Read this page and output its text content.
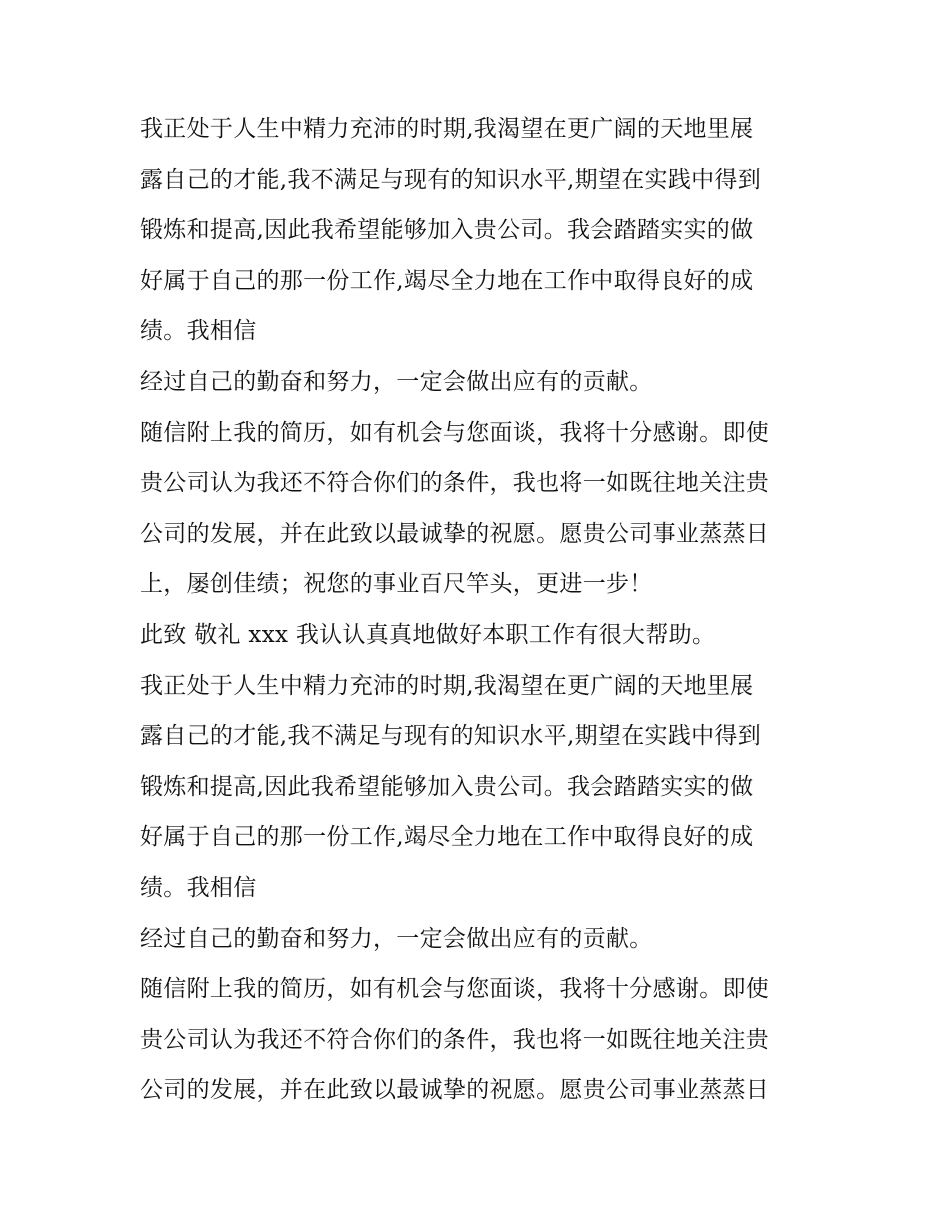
我正处于人生中精力充沛的时期,我渴望在更广阔的天地里展
露自己的才能,我不满足与现有的知识水平,期望在实践中得到
锻炼和提高,因此我希望能够加入贵公司。我会踏踏实实的做
好属于自己的那一份工作,竭尽全力地在工作中取得良好的成
绩。我相信
经过自己的勤奋和努力，一定会做出应有的贡献。
随信附上我的简历，如有机会与您面谈，我将十分感谢。即使
贵公司认为我还不符合你们的条件，我也将一如既往地关注贵
公司的发展，并在此致以最诚挚的祝愿。愿贵公司事业蒸蒸日
上，屡创佳绩；祝您的事业百尺竿头，更进一步！
此致 敬礼 xxx 我认认真真地做好本职工作有很大帮助。
我正处于人生中精力充沛的时期,我渴望在更广阔的天地里展
露自己的才能,我不满足与现有的知识水平,期望在实践中得到
锻炼和提高,因此我希望能够加入贵公司。我会踏踏实实的做
好属于自己的那一份工作,竭尽全力地在工作中取得良好的成
绩。我相信
经过自己的勤奋和努力，一定会做出应有的贡献。
随信附上我的简历，如有机会与您面谈，我将十分感谢。即使
贵公司认为我还不符合你们的条件，我也将一如既往地关注贵
公司的发展，并在此致以最诚挚的祝愿。愿贵公司事业蒸蒸日
